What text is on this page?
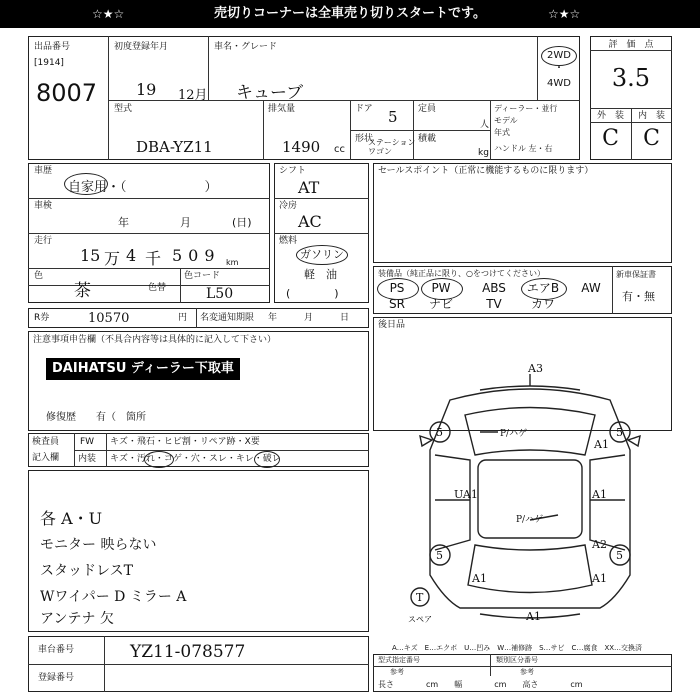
☆★☆	売切りコーナーは全車売り切りスタートです。	☆★☆
出品番号
[1914]
8007
初度登録年月
19 12月
車名・グレード
キューブ
2WD
・
4WD
型式
DBA-YZ11
排気量
1490 cc
ドア 5
形状
ステーション
ワゴン
定員
人
積載
kg
ディーラー・並行
モデル
年式
ハンドル 左・右
評　価　点
3.5
外　装	内　装
C	C
車歴
自家用・（　　　　　　）
車検
年	月	(日)
走行
15 万 4 千 509 km
色
茶	色替
色コード
L50
シフト
AT
冷房
AC
燃料
ガソリン
軽　油
(　　　　)
セールスポイント（正常に機能するものに限ります）
装備品（純正品に限り、○をつけてください）
PS	PW	ABS	エアB	AW
SR	ナビ	TV	カワ
新車保証書
有・無
R券	10570	円 名変通知期限 年　　　月　　　日
注意事項申告欄（不具合内容等は具体的に記入して下さい）
DAIHATSU ディーラー下取車
修復歴　　有（　箇所
後日品
検査員
記入欄
FW キズ・飛石・ヒビ割・リペア跡・X要
内装 キズ・汚れ・コゲ・穴・スレ・キレ・破レ
各 A・U
モニター 映らない
スタッドレスT
Wワイパー D ミラー A
アンテナ 欠
車台番号	YZ11-078577
登録番号
A3
P/ハゲ
A1
UA1	A1
P/ハゲ
A2
A1
A1
A1
5
5
5
5
T
スペア
A…キズ　E…エクボ　U…凹み　W…補修跡　S…サビ　C…腐食　XX…交換済
型式指定番号	類別区分番号
参考	参考
長さ　　　　cm　　幅　　　　cm　　高さ　　　　cm
